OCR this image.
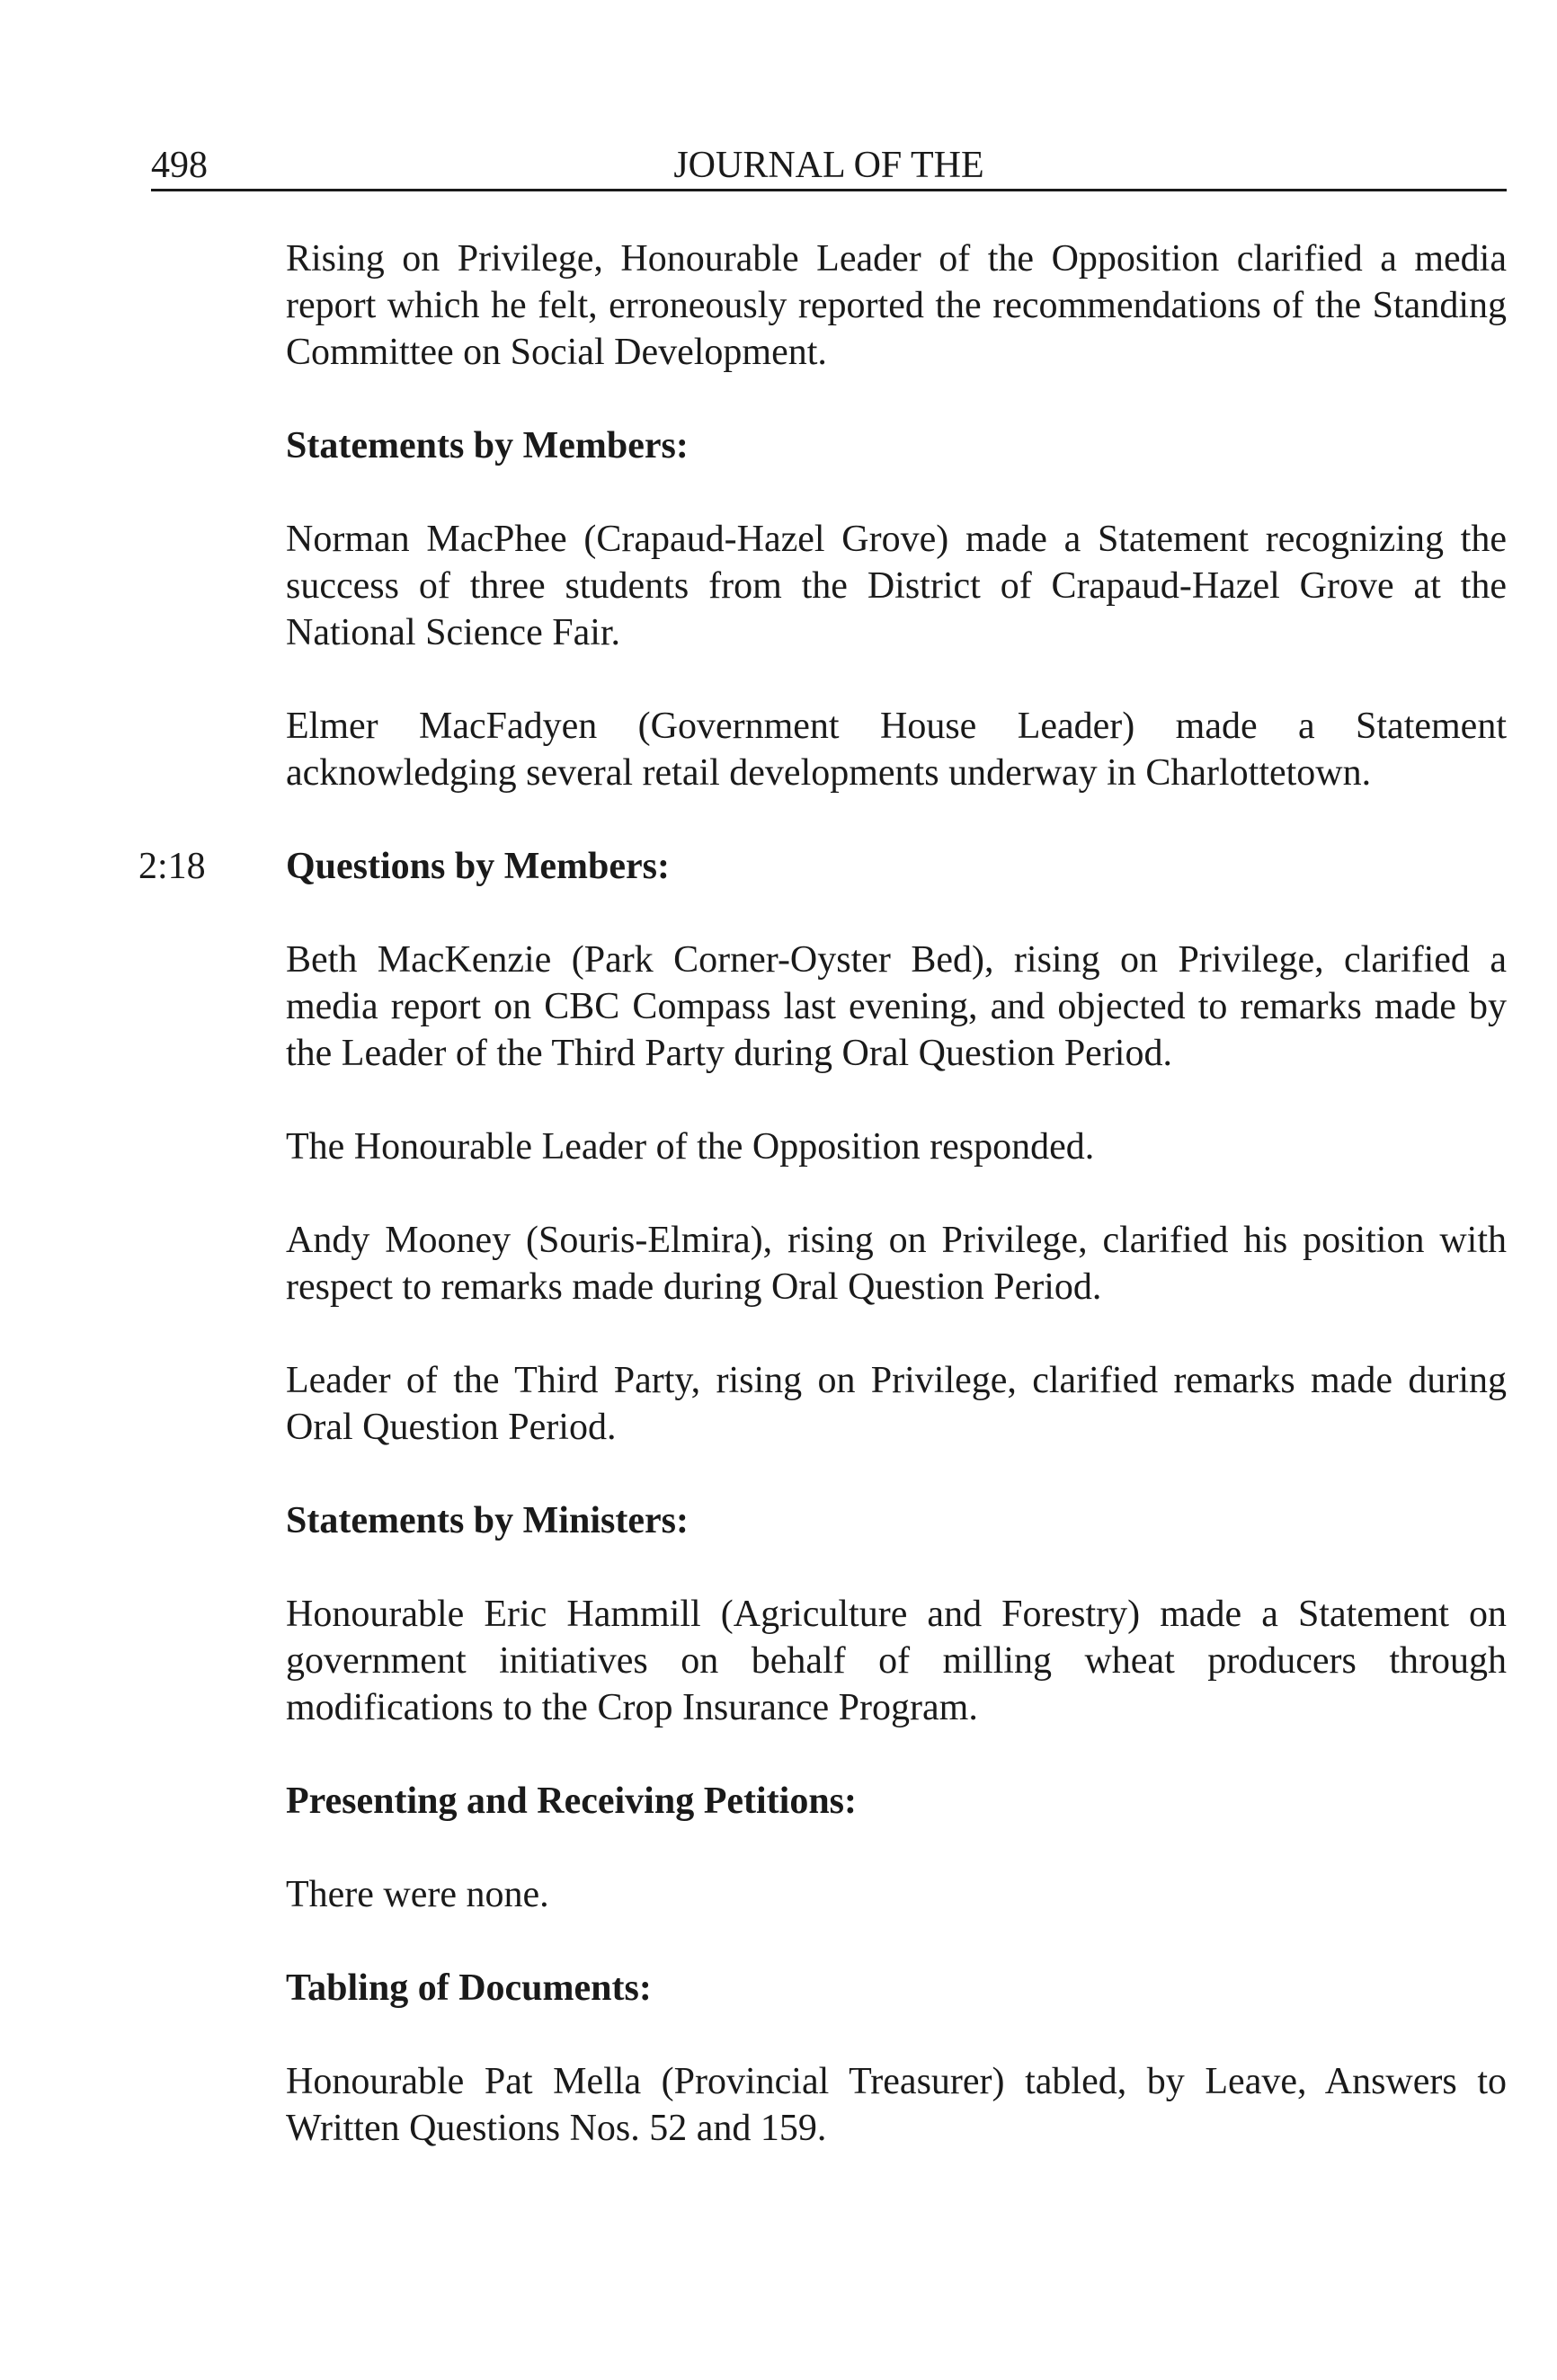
498	JOURNAL OF THE

Rising on Privilege, Honourable Leader of the Opposition clarified a media report which he felt, erroneously reported the recommendations of the Standing Committee on Social Development.

Statements by Members:

Norman MacPhee (Crapaud-Hazel Grove) made a Statement recognizing the success of three students from the District of Crapaud-Hazel Grove at the National Science Fair.

Elmer MacFadyen (Government House Leader) made a Statement acknowledging several retail developments underway in Charlottetown.

2:18 Questions by Members:

Beth MacKenzie (Park Corner-Oyster Bed), rising on Privilege, clarified a media report on CBC Compass last evening, and objected to remarks made by the Leader of the Third Party during Oral Question Period.

The Honourable Leader of the Opposition responded.

Andy Mooney (Souris-Elmira), rising on Privilege, clarified his position with respect to remarks made during Oral Question Period.

Leader of the Third Party, rising on Privilege, clarified remarks made during Oral Question Period.

Statements by Ministers:

Honourable Eric Hammill (Agriculture and Forestry) made a Statement on government initiatives on behalf of milling wheat producers through modifications to the Crop Insurance Program.

Presenting and Receiving Petitions:

There were none.

Tabling of Documents:

Honourable Pat Mella (Provincial Treasurer) tabled, by Leave, Answers to Written Questions Nos. 52 and 159.
